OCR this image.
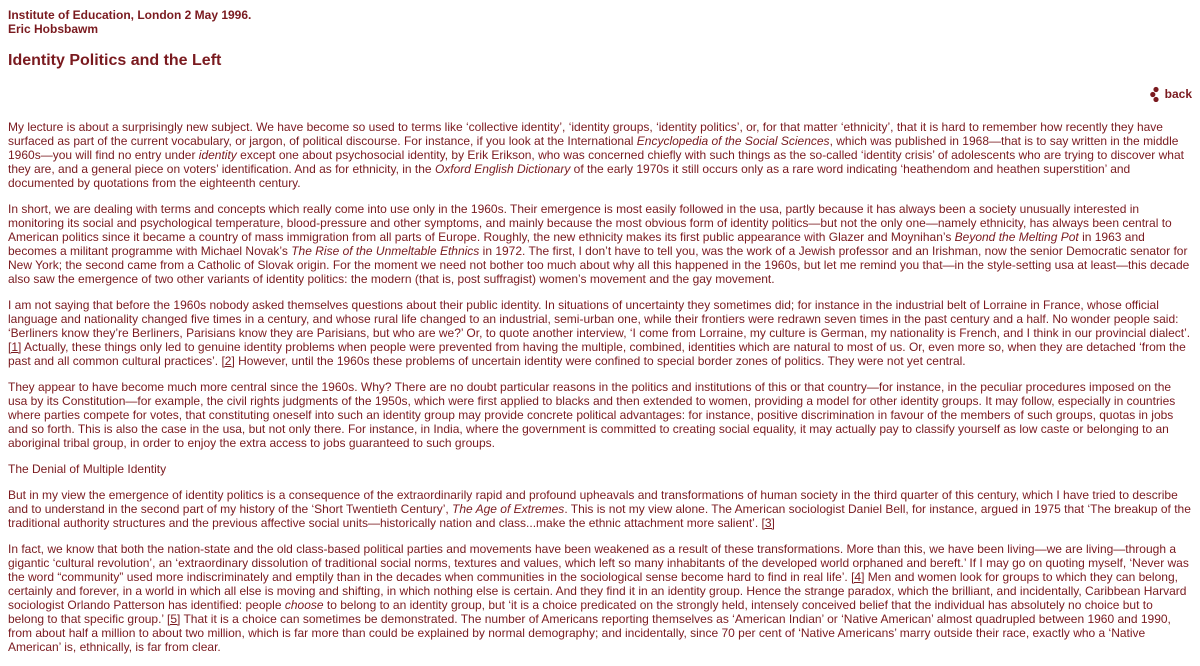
Institute of Education, London 2 May 1996.
Eric Hobsbawm
Identity Politics and the Left
back

My lecture is about a surprisingly new subject. We have become so used to terms like ‘collective identity’, ‘identity groups, ‘identity politics’, or, for that matter ‘ethnicity’, that it is hard to remember how recently they have surfaced as part of the current vocabulary, or jargon, of political discourse. For instance, if you look at the International Encyclopedia of the Social Sciences, which was published in 1968—that is to say written in the middle 1960s—you will find no entry under identity except one about psychosocial identity, by Erik Erikson, who was concerned chiefly with such things as the so-called ‘identity crisis’ of adolescents who are trying to discover what they are, and a general piece on voters’ identification. And as for ethnicity, in the Oxford English Dictionary of the early 1970s it still occurs only as a rare word indicating ‘heathendom and heathen superstition’ and documented by quotations from the eighteenth century.

In short, we are dealing with terms and concepts which really come into use only in the 1960s. Their emergence is most easily followed in the usa, partly because it has always been a society unusually interested in monitoring its social and psychological temperature, blood-pressure and other symptoms, and mainly because the most obvious form of identity politics—but not the only one—namely ethnicity, has always been central to American politics since it became a country of mass immigration from all parts of Europe. Roughly, the new ethnicity makes its first public appearance with Glazer and Moynihan’s Beyond the Melting Pot in 1963 and becomes a militant programme with Michael Novak’s The Rise of the Unmeltable Ethnics in 1972. The first, I don’t have to tell you, was the work of a Jewish professor and an Irishman, now the senior Democratic senator for New York; the second came from a Catholic of Slovak origin. For the moment we need not bother too much about why all this happened in the 1960s, but let me remind you that—in the style-setting usa at least—this decade also saw the emergence of two other variants of identity politics: the modern (that is, post suffragist) women’s movement and the gay movement.

I am not saying that before the 1960s nobody asked themselves questions about their public identity. In situations of uncertainty they sometimes did; for instance in the industrial belt of Lorraine in France, whose official language and nationality changed five times in a century, and whose rural life changed to an industrial, semi-urban one, while their frontiers were redrawn seven times in the past century and a half. No wonder people said: ‘Berliners know they’re Berliners, Parisians know they are Parisians, but who are we?’ Or, to quote another interview, ‘I come from Lorraine, my culture is German, my nationality is French, and I think in our provincial dialect’. [1] Actually, these things only led to genuine identity problems when people were prevented from having the multiple, combined, identities which are natural to most of us. Or, even more so, when they are detached ‘from the past and all common cultural practices’. [2] However, until the 1960s these problems of uncertain identity were confined to special border zones of politics. They were not yet central.

They appear to have become much more central since the 1960s. Why? There are no doubt particular reasons in the politics and institutions of this or that country—for instance, in the peculiar procedures imposed on the usa by its Constitution—for example, the civil rights judgments of the 1950s, which were first applied to blacks and then extended to women, providing a model for other identity groups. It may follow, especially in countries where parties compete for votes, that constituting oneself into such an identity group may provide concrete political advantages: for instance, positive discrimination in favour of the members of such groups, quotas in jobs and so forth. This is also the case in the usa, but not only there. For instance, in India, where the government is committed to creating social equality, it may actually pay to classify yourself as low caste or belonging to an aboriginal tribal group, in order to enjoy the extra access to jobs guaranteed to such groups.

The Denial of Multiple Identity

But in my view the emergence of identity politics is a consequence of the extraordinarily rapid and profound upheavals and transformations of human society in the third quarter of this century, which I have tried to describe and to understand in the second part of my history of the ‘Short Twentieth Century’, The Age of Extremes. This is not my view alone. The American sociologist Daniel Bell, for instance, argued in 1975 that ‘The breakup of the traditional authority structures and the previous affective social units—historically nation and class...make the ethnic attachment more salient’. [3]

In fact, we know that both the nation-state and the old class-based political parties and movements have been weakened as a result of these transformations. More than this, we have been living—we are living—through a gigantic ‘cultural revolution’, an ‘extraordinary dissolution of traditional social norms, textures and values, which left so many inhabitants of the developed world orphaned and bereft.’ If I may go on quoting myself, ‘Never was the word “community” used more indiscriminately and emptily than in the decades when communities in the sociological sense become hard to find in real life’. [4] Men and women look for groups to which they can belong, certainly and forever, in a world in which all else is moving and shifting, in which nothing else is certain. And they find it in an identity group. Hence the strange paradox, which the brilliant, and incidentally, Caribbean Harvard sociologist Orlando Patterson has identified: people choose to belong to an identity group, but ‘it is a choice predicated on the strongly held, intensely conceived belief that the individual has absolutely no choice but to belong to that specific group.’ [5] That it is a choice can sometimes be demonstrated. The number of Americans reporting themselves as ‘American Indian’ or ‘Native American’ almost quadrupled between 1960 and 1990, from about half a million to about two million, which is far more than could be explained by normal demography; and incidentally, since 70 per cent of ‘Native Americans’ marry outside their race, exactly who a ‘Native American’ is, ethnically, is far from clear.
